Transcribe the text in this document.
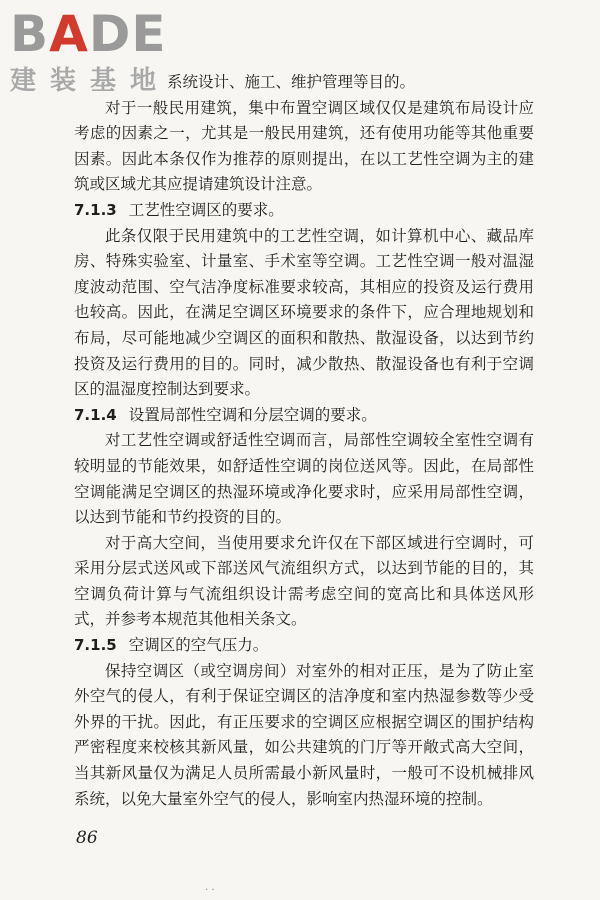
BADE
建装基地

系统设计、施工、维护管理等目的。

对于一般民用建筑，集中布置空调区域仅仅是建筑布局设计应考虑的因素之一，尤其是一般民用建筑，还有使用功能等其他重要因素。因此本条仅作为推荐的原则提出，在以工艺性空调为主的建筑或区域尤其应提请建筑设计注意。

7.1.3 工艺性空调区的要求。

此条仅限于民用建筑中的工艺性空调，如计算机中心、藏品库房、特殊实验室、计量室、手术室等空调。工艺性空调一般对温湿度波动范围、空气洁净度标准要求较高，其相应的投资及运行费用也较高。因此，在满足空调区环境要求的条件下，应合理地规划和布局，尽可能地减少空调区的面积和散热、散湿设备，以达到节约投资及运行费用的目的。同时，减少散热、散湿设备也有利于空调区的温湿度控制达到要求。

7.1.4 设置局部性空调和分层空调的要求。

对工艺性空调或舒适性空调而言，局部性空调较全室性空调有较明显的节能效果，如舒适性空调的岗位送风等。因此，在局部性空调能满足空调区的热湿环境或净化要求时，应采用局部性空调，以达到节能和节约投资的目的。

对于高大空间，当使用要求允许仅在下部区域进行空调时，可采用分层式送风或下部送风气流组织方式，以达到节能的目的，其空调负荷计算与气流组织设计需考虑空间的宽高比和具体送风形式，并参考本规范其他相关条文。

7.1.5 空调区的空气压力。

保持空调区（或空调房间）对室外的相对正压，是为了防止室外空气的侵人，有利于保证空调区的洁净度和室内热湿参数等少受外界的干扰。因此，有正压要求的空调区应根据空调区的围护结构严密程度来校核其新风量，如公共建筑的门厅等开敞式高大空间，当其新风量仅为满足人员所需最小新风量时，一般可不设机械排风系统，以免大量室外空气的侵人，影响室内热湿环境的控制。

86
· ·
